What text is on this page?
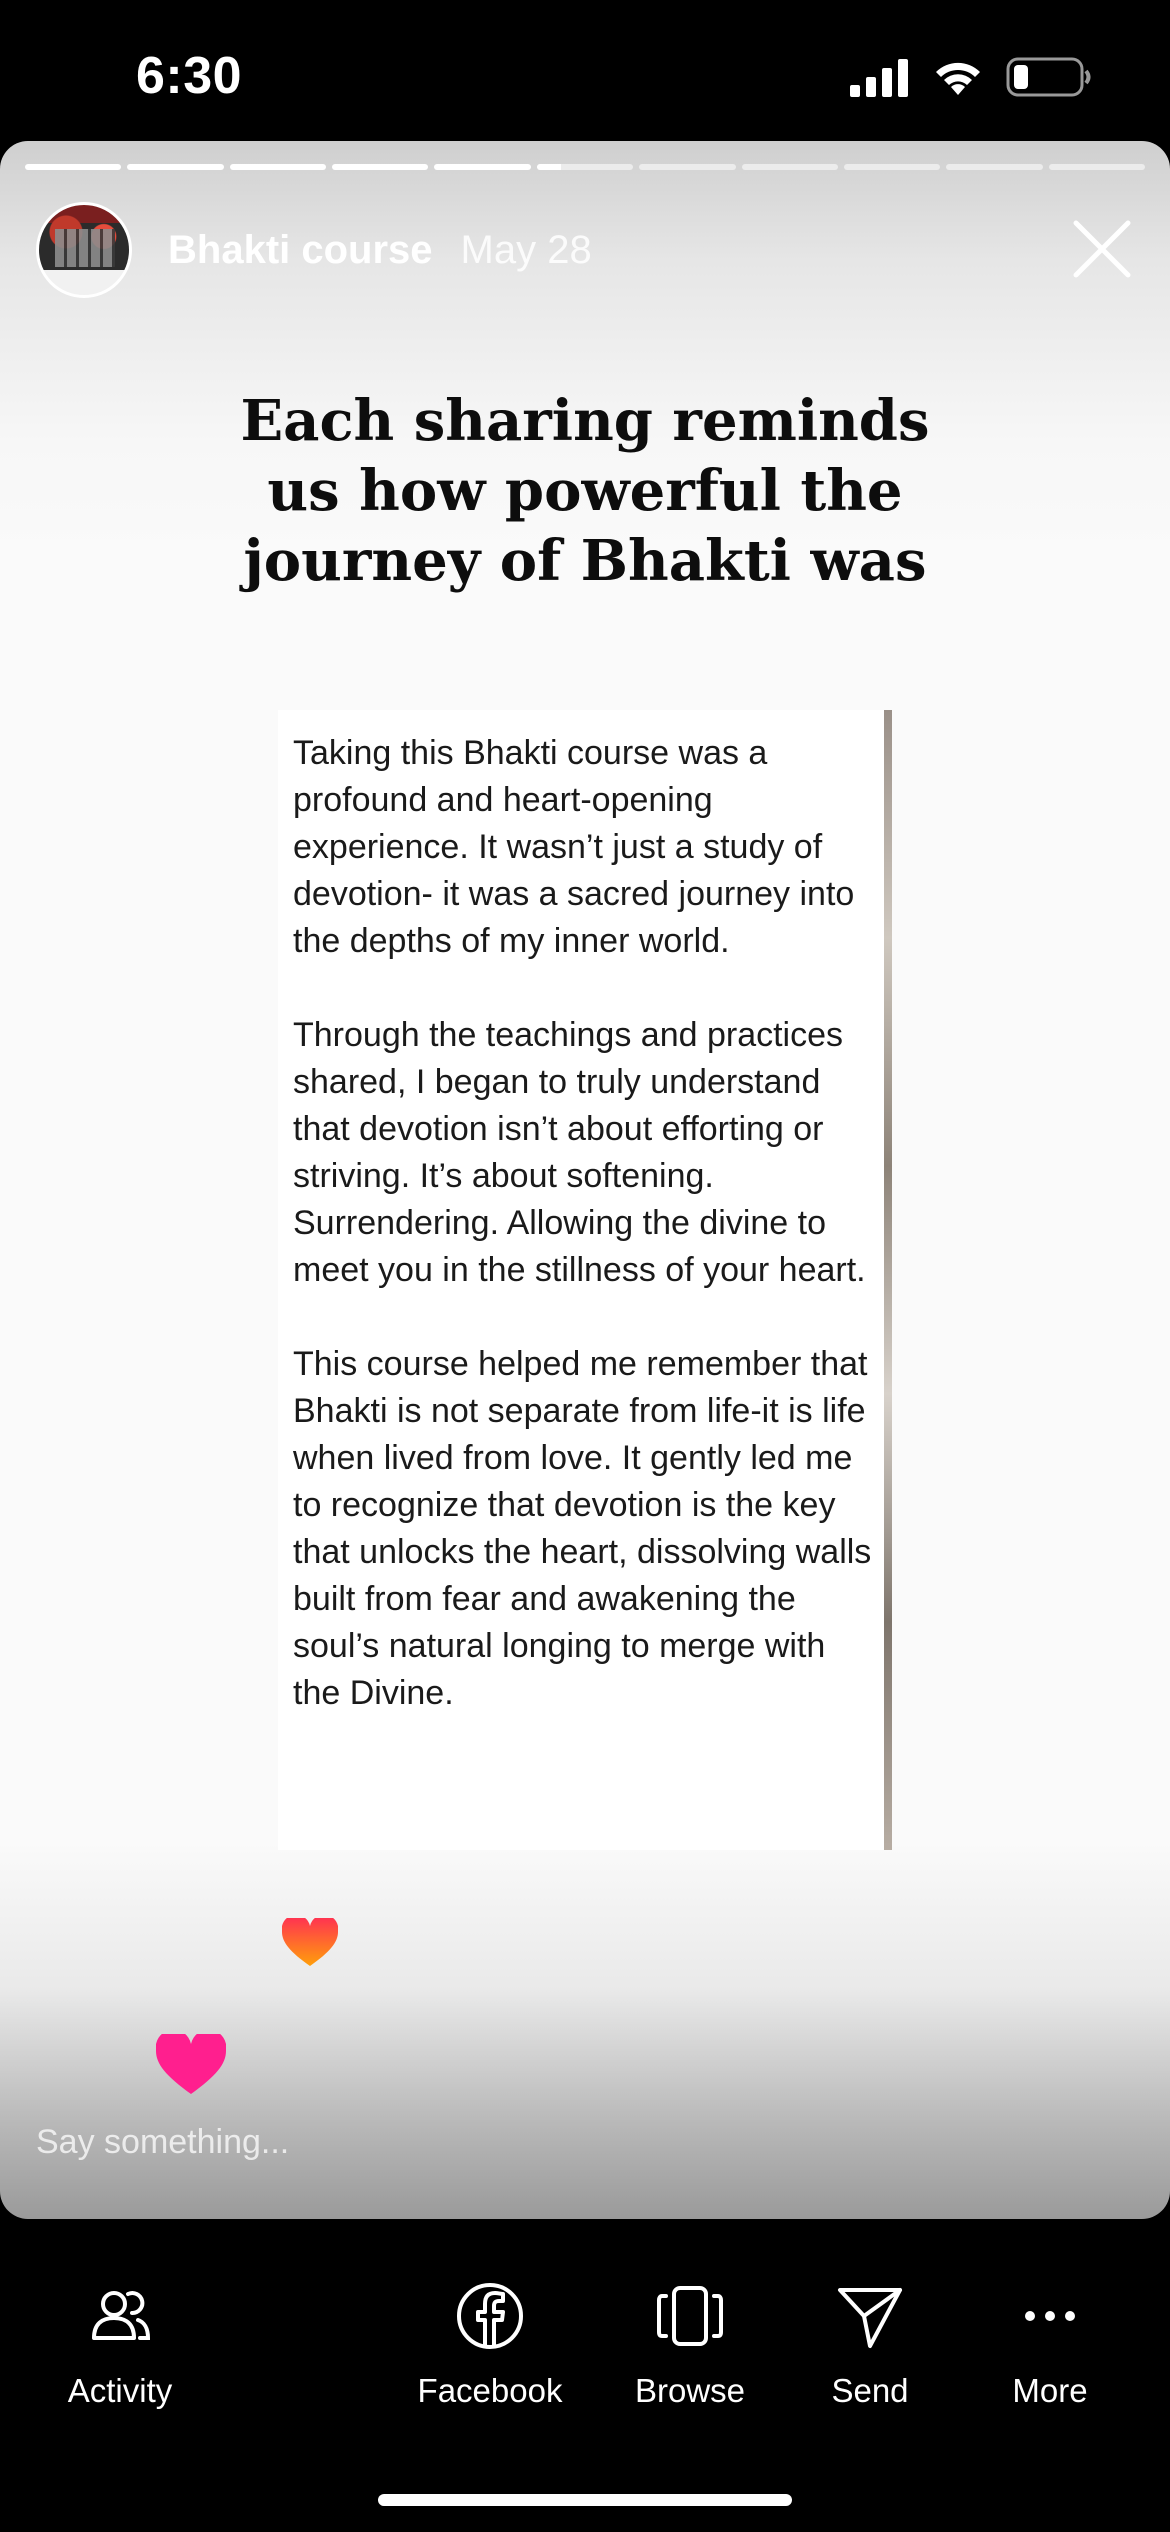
6:30
Bhakti course May 28
Each sharing reminds us how powerful the journey of Bhakti was

Taking this Bhakti course was a profound and heart-opening experience. It wasn’t just a study of devotion- it was a sacred journey into the depths of my inner world.

Through the teachings and practices shared, I began to truly understand that devotion isn’t about efforting or striving. It’s about softening. Surrendering. Allowing the divine to meet you in the stillness of your heart.

This course helped me remember that Bhakti is not separate from life-it is life when lived from love. It gently led me to recognize that devotion is the key that unlocks the heart, dissolving walls built from fear and awakening the soul’s natural longing to merge with the Divine.

Say something...
Activity	Facebook	Browse	Send	More
